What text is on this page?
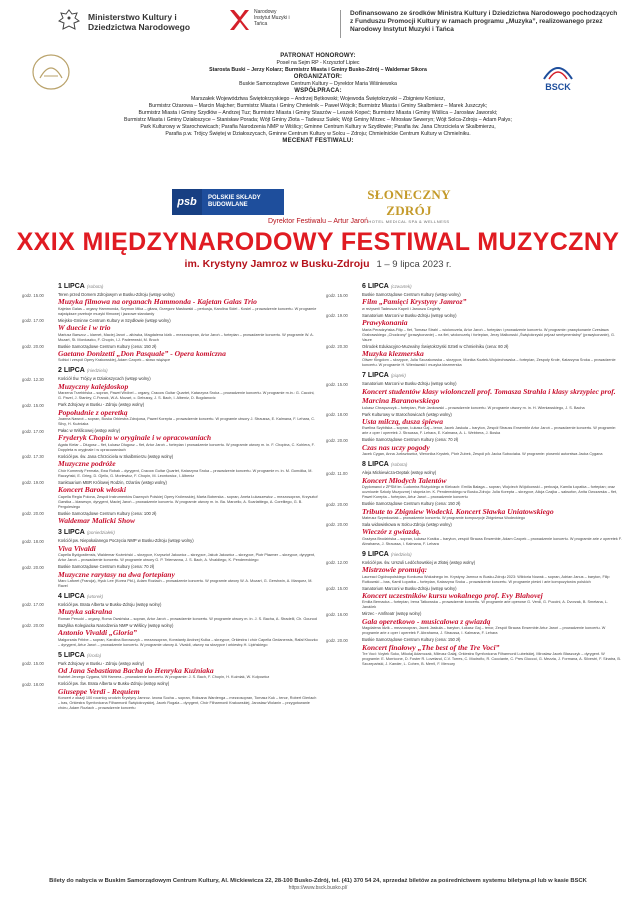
Ministerstwo Kultury i Dziedzictwa Narodowego
Narodowy Instytut Muzyki i Tańca
Dofinansowano ze środków Ministra Kultury i Dziedzictwa Narodowego pochodzących z Funduszu Promocji Kultury w ramach programu „Muzyka”, realizowanego przez Narodowy Instytut Muzyki i Tańca
BSCK
PATRONAT HONOROWY:
Poseł na Sejm RP - Krzysztof Lipiec
Starosta Buski – Jerzy Kolarz; Burmistrz Miasta i Gminy Busko-Zdrój – Waldemar Sikora
ORGANIZATOR:
Buskie Samorządowe Centrum Kultury – Dyrektor Maria Wiśniewska
WSPÓŁPRACA:
Marszałek Województwa Świętokrzyskiego – Andrzej Bętkowski; Wojewoda Świętokrzyski – Zbigniew Koniusz,
Burmistrz Ożarowa – Marcin Majcher; Burmistrz Miasta i Gminy Chmielnik – Paweł Wójcik; Burmistrz Miasta i Gminy Skalbmierz – Marek Juszczyk;
Burmistrz Miasta i Gminy Szydłów – Andrzej Tuz; Burmistrz Miasta i Gminy Staszów – Leszek Kopeć; Burmistrz Miasta i Gminy Wiślica – Jarosław Jaworski;
Burmistrz Miasta i Gminy Działoszyce – Stanisław Porada; Wójt Gminy Złota – Tadeusz Sułek; Wójt Gminy Mirzec – Mirosław Seweryn; Wójt Solca-Zdroju – Adam Pałys;
Park Kulturowy w Starochowicach; Parafia Narodzenia NMP w Wiślicy; Gminne Centrum Kultury w Szydłowie; Parafia św. Jana Chrzciciela w Skalbmierzu,
Parafia p.w. Trójcy Świętej w Działoszycach, Gminne Centrum Kultury w Solcu – Zdroju; Chmielnickie Centrum Kultury w Chmielniku.
MECENAT FESTIWALU:
psb	POLSKIE SKŁADY BUDOWLANE
SŁONECZNY ZDRÓJ
HOTEL MEDICAL SPA & WELLNESS
Dyrektor Festiwalu – Artur Jaroń
XXIX MIĘDZYNARODOWY FESTIWAL MUZYCZNY
im. Krystyny Jamroz w Busku-Zdroju 1 – 9 lipca 2023 r.
1 LIPCA (sobota)
godz. 15.00	Teren przed Domem Zdrojowym w Busku-Zdroju (wstęp wolny)
Muzyka filmowa na organach Hammonda - Kajetan Galas Trio
Kajetan Galas – organy Hammonda, Szymon Mika – gitara, Grzegorz Masłowski – perkusja, Karolina Sidel - Kosiel – prowadzenie koncertu. W programie największe przeboje muzyki filmowej i jazzowe standardy
godz. 17.00	Miejsko-Gminne Centrum Kultury w Szydłowie (wstęp wolny)
W duecie i w trio
Mariusz Barszcz – klarnet, Maciej Jaroń – altówka, Magdalena Idzik – mezzosopran, Artur Jaroń – fortepian – prowadzenie koncertu. W programie W. A. Mozart, St. Moniuszko, F. Chopin, I.J. Paderewski, M. Bruch
godz. 20.00	Buskie Samorządowe Centrum Kultury (cena: 150 zł)
Gaetano Donizetti „Don Pasquale” - Opera komiczna
Soliści i zespół Opery Krakowskiej, Adam Czopek – słowo wiążące
2 LIPCA (niedziela)
godz. 12.30	Kościół Św. Trójcy w Działoszycach (wstęp wolny)
Muzyczny kalejdoskop
Marzena Trzebińska – sopran, Paweł Wróbel – organy, Cracow Guitar Quartet, Katarzyna Sroka – prowadzenie koncertu. W programie m.in.: G. Caccini, G. Pavel, J. Stanley, C.Franck, W.A. Mozart, c. Debussy, J. S. Bach, I. Albeniz, D. Bogdanovic
godz. 15.00	Park Zdrojowy w Busku - Zdroju (wstęp wolny)
Popołudnie z operetką
Joanna Nawrot – sopran, Buska Orkiestra Zdrojowa, Paweł Korepta – prowadzenie koncertu. W programie utwory J. Straussa, E. Kalmana, F. Lehara, C. Silvy, H. Kuźniaka
godz. 17.00	Pałac w Wiślicowej (wstęp wolny)
Fryderyk Chopin w oryginale i w opracowaniach
Agata Kielar – Długosz – flet, Łukasz Długosz – flet, Artur Jaroń – fortepian i prowadzenie koncertu. W programie utwory m. in. F. Chopina, C. Kohlera, F. Doppleta w oryginale i w opracowaniach
godz. 17.30	Kościół pw. św. Jana Chrzciciela w Skalbmierzu (wstęp wolny)
Muzyczne podróże
Chór Komendy Fermata, Ewa Robak – dyrygent, Cracow Guitar Quartet, Katarzyna Sroka – prowadzenie koncertu. W programie m. in. M. Gomółka, M. Raczyński, E. Grieg, D. Gjeilo, G. Morlewicz, F. Chopin, M. Leontowicz, I. Albeniz
godz. 19.00	Sanktuarium MBR Królowej Rodzin, Ożarów (wstęp wolny)
Koncert Barok włoski
Capella Regia Polona, Zespół Instrumentów Dawnych Polskiej Opery Królewskiej, Marta Boberska - sopran, Aneta Łukaszewicz – mezzosopran, Krzysztof Garstka – klawesyn, dyrygent, Maciej Jaroń – prowadzenie koncertu. W programie utwory m. in. Ba. Marcello, A. Scarlattiego, A. Corelliego, G. B. Pergolesiego
godz. 20.00	Buskie Samorządowe Centrum Kultury (cena: 100 zł)
Waldemar Malicki Show
3 LIPCA (poniedziałek)
godz. 18.00	Kościół pw. Niepokalanego Poczęcia NMP w Busku-Zdroju (wstęp wolny)
Viva Vivaldi
Capella Bydgostiensis, Waldemar Koźmiński – skrzypce, Krzysztof Jakowicz – skrzypce, Jakub Jakowicz – skrzypce, Piotr Pławner – skrzypce, dyrygent, Artur Jaroń – prowadzenie koncertu. W programie utwory G. P. Telemanna, J. S. Bach, A. Vivaldiego, K. Pendereckiego
godz. 20.00	Buskie Samorządowe Centrum Kultury (cena: 70 zł)
Muzyczne rarytasy na dwa fortepiany
Marc Laforet (Francja), Hyuk Lee (Korea Płd.), Adam Rozlach – prowadzenie koncertu. W programie utwory W. A. Mozart, G. Gershwin, A. Marquez, M. Ravel
4 LIPCA (wtorek)
godz. 17.00	Kościół pw. Brata Alberta w Busku-Zdroju (wstęp wolny)
Muzyka sakralna
Roman Perucki – organy, Roma Owsińska – sopran, Artur Jaroń – prowadzenie koncertu. W programie utwory m. in. J. S. Bacha, A. Stradelli, Ch. Gounod
godz. 20.00	Bazylika Kolegiacka Narodzenia NMP w Wiślicy (wstęp wolny)
Antonio Vivaldi „Gloria”
Małgorzata Fribbe – sopran, Karolina Borowczyk – mezzosopran, Konstanty Andrzej Kulka – skrzypce, Orkiestra i chór Capella Gedanensis, Rafał Kłoczko – dyrygent, Artur Jaroń – prowadzenie koncertu. W programie utwory A. Vivaldi, utwory na skrzypce i orkiestrę H. Lipińskiego
5 LIPCA (środa)
godz. 15.00	Park Zdrojowy w Busku - Zdroju (wstęp wolny)
Od Jana Sebastiana Bacha do Henryka Kuźniaka
Kwintet Jerzego Cygana, Wit Hamera – prowadzenie koncertu. W programie: J. S. Bach, F. Chopin, H. Kuźniak, W. Kulpowicz
godz. 18.00	Kościół pw. Św. Brata Alberta w Busku-Zdroju (wstęp wolny)
Giuseppe Verdi - Requiem
Koncert z okazji 100 rocznicy urodzin Krystyny Jamroz. Iwona Socha – sopran, Roksana Wardenga – mezzosopran, Tomasz Kuk – tenor, Robert Gierlach – bas, Orkiestra Symfoniczna Filharmonii Świętokrzyskiej, Jacek Rogala – dyrygent, Chór Filharmonii Krakowskiej, Jarosław Wolanin – przygotowanie chóru, Adam Rozlach – prowadzenie koncertu
6 LIPCA (czwartek)
godz. 15.00	Buskie Samorządowe Centrum Kultury (wstęp wolny)
Film „Pamięci Krystyny Jamroz”
w reżyserii Tadeusza Kapeli i Janusza Cegiełły
godz. 19.00	Sanatorium Marconi w Busku-Zdroju (wstęp wolny)
Prawykonania
Maria Peradzyńska-Filip – flet, Tomasz Strahl – wiolonczela, Artur Jaroń – fortepian i prowadzenie koncertu. W programie: prawykonanie Czesława Grabowskiego „Chodzony” (prawykonanie) – na flet, wiolonczelę i fortepian, Jerzy Małkowski „Świętokrzyski pejzaż sentymentalny” (prawykonanie), G. Vaure
godz. 20.30	Ośrodek Edukacyjno-Muzealny Świętokrzyski Sztetl w Chmielniku (cena: 80 zł)
Muzyka klezmerska
Oliwer Kingdom – skrzypce, Julia Szczakowska – skrzypce, Monika Kozłek-Wojciechowska – fortepian, Zespoły Krole, Katarzyna Sroka – prowadzenie koncertu. W programie H. Wieniawski i muzyka klezmerska
7 LIPCA (piątek)
godz. 15.00	Sanatorium Marconi w Busku-Zdroju (wstęp wolny)
Koncert studentów klasy wiolonczeli prof. Tomasza Strahla i klasy skrzypiec prof. Marcina Baranowskiego
Łukasz Chrzęszczyk – fortepian, Piotr Jankowski – prowadzenie koncertu. W programie utwory m. in. H. Wieniawskiego, J. S. Bacha
godz. 18.00	Park Kulturowy w Starochowicach (wstęp wolny)
Usta milczą, dusza śpiewa
Ewelina Szybilska – sopran, Łukasz Gaj – tenor, Jacek Jaskuła – baryton, Zespół Strauss Ensemble Artur Jaroń – prowadzenie koncertu. W programie: arie z oper i operetek J. Straussa, F. Lehara, E. Kalmana, A. L. Webbera, J. Boska
godz. 20.00	Buskie Samorządowe Centrum Kultury (cena: 70 zł)
Czas nas uczy pogody
Jacek Cygan, Anna Jurksztowicz, Weronika Krystek, Piotr Zubek, Zespół p/k Jacka Subociaka. W programie: piosenki autorstwa Jacka Cygana
8 LIPCA (sobota)
godz. 11.00	Aleja Mickiewicza-Deptak (wstęp wolny)
Koncert Młodych Talentów
Dyplomanci z ZPSM im. Ludomira Różyckiego w Kielcach: Emilia Bałaga – sopran, Wojciech Wójcikowski – perkusja, Kamila Łopatka – fortepian; oraz uczniowie Szkoły Muzycznej I stopnia im. K. Pendereckiego w Busku-Zdroju: Julia Korepta – skrzypce, Alicja Czajka – saksofon, Anita Owczarska – flet, Paweł Korepta – fortepian, Artur Jaroń – prowadzenie koncertu
godz. 20.00	Buskie Samorządowe Centrum Kultury (cena: 150 zł)
Tribute to Zbigniew Wodecki. Koncert Sławka Uniatowskiego
Mateusz Szymkowiak – prowadzenie koncertu. W programie kompozycje Zbigniewa Wodeckiego
godz. 20.00	Sala widowiskowa w Solcu-Zdroju (wstęp wolny)
Wieczór z gwiazdą.
Grażyna Brodzińska – sopran, Łukasz Kostka – baryton, zespół Strauss Ensemble, Adam Czopek – prowadzenie koncertu. W programie arie z operetek F. Abrahama, J. Straussa, I. Kalmana, F. Lehara
9 LIPCA (niedziela)
godz. 12.00	Kościół pw. św. Urszuli Ledóchowskiej w Złotej (wstęp wolny)
Mistrzowie promują:
Laureaci Ogólnopolskiego Konkursu Wokalnego im. Krystyny Jamroz w Busku-Zdroju 2023: Wiktoria Nowak – sopran, Adrian Janus – baryton, Filip Rutkowski – bas, Kamil Łopatka – fortepian, Katarzyna Sroka – prowadzenie koncertu. W programie pieśni i arie kompozytorów polskich
godz. 15.00	Sanatorium Marconi w Busku-Zdroju (wstęp wolny)
Koncert uczestników kursu wokalnego prof. Evy Blahovej
Emilia Bernacka – fortepian, Irena Tatkowska – prowadzenie koncertu. W programie arie operowe G. Verdi, G. Puccini, A. Dvorzak, B. Smetana, L. Janáček
godz. 16.00	Mirzec - Amfiteatr (wstęp wolny)
Gala operetkowo - musicalowa z gwiazdą
Magdalena Idzik – mezzosopran, Jacek Jaskuła – baryton, Łukasz Gaj – tenor, Zespół Strauss Ensemble Artur Jaroń – prowadzenie koncertu. W programie arie z oper i operetek F. Abrahama, J. Straussa, I. Kalmana, F. Lehara
godz. 20.00	Buskie Samorządowe Centrum Kultury (cena: 150 zł)
Koncert finałowy „The best of the Tre Voci”
Tre Voci: Voytek Soko, Mikołaj Adamczak, Mileusz Gałaj, Orkiestra Symfoniczna Filharmonii Lubelskiej, Mirosław Jacek Błaszczyk – dyrygent. W programie: E. Morricone, D. Foster R. Loveland, C.V. Torres, C. Modroño, R. Cocciante, C. Pres Gioccoi, G. Mezzia, J. Formana, A. Silvestri, F. Sinatra, B. Szczepański, J. Kander, L. Cohen, B. Merril, F. Mercury
Bilety do nabycia w Buskim Samorządowym Centrum Kultury, Al. Mickiewicza 22, 28-100 Busko-Zdrój, tel. (41) 370 54 24, sprzedaż biletów za pośrednictwem systemu biletyna.pl lub w kasie BSCK
https://www.bsck.busko.pl/
